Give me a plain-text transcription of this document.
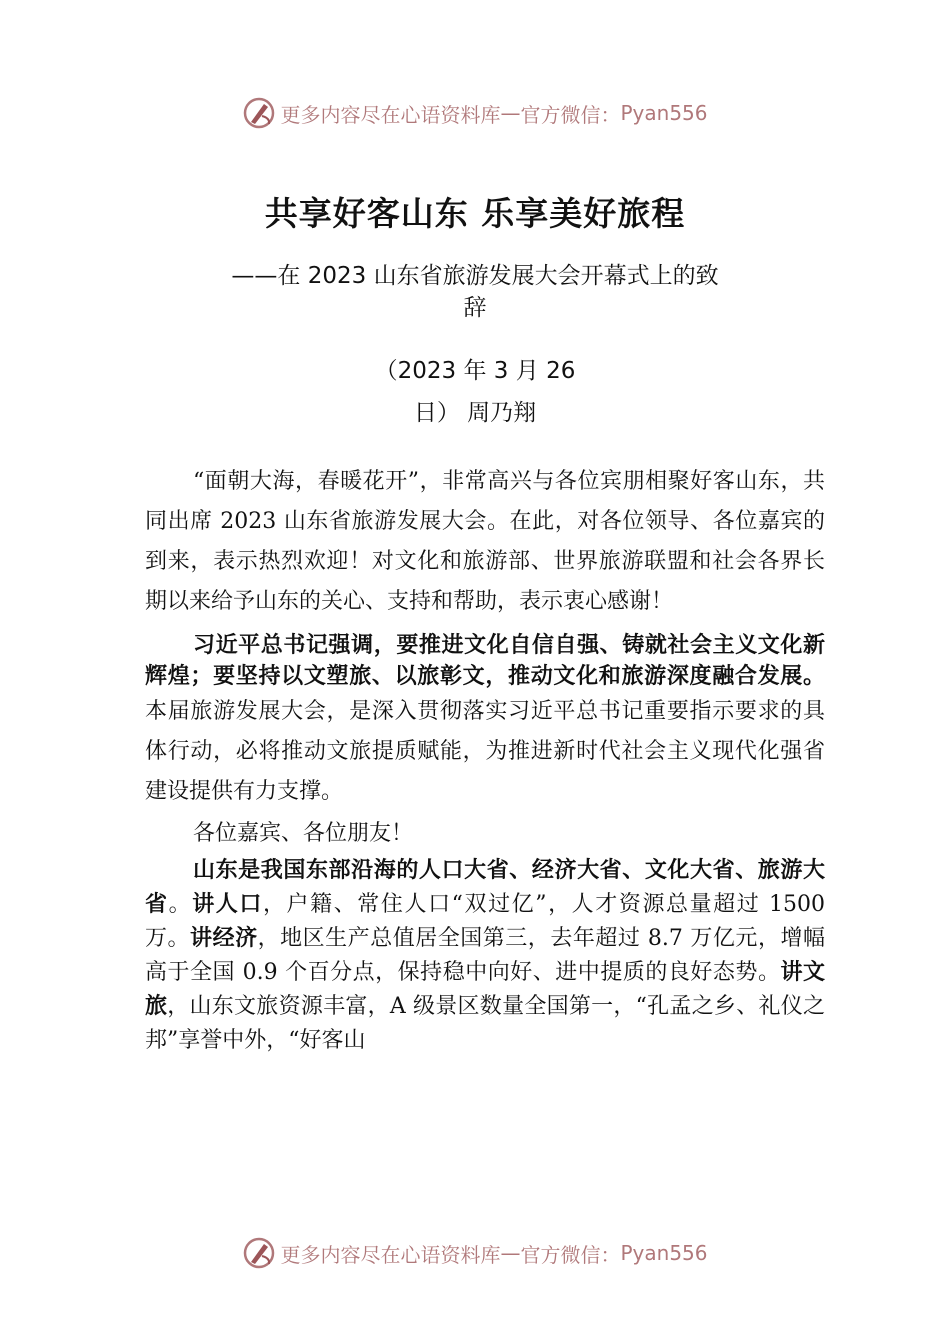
更多内容尽在心语资料库 — 官方微信： Pyan556
共享好客山东 乐享美好旅程
——在 2023 山东省旅游发展大会开幕式上的致
辞
（2023 年 3 月 26
日） 周乃翔

“面朝大海，春暖花开”，非常高兴与各位宾朋相聚好客山东，共同出席 2023 山东省旅游发展大会。在此，对各位领导、各位嘉宾的到来，表示热烈欢迎！对文化和旅游部、世界旅游联盟和社会各界长期以来给予山东的关心、支持和帮助，表示衷心感谢！

习近平总书记强调，要推进文化自信自强、铸就社会主义文化新辉煌；要坚持以文塑旅、以旅彰文，推动文化和旅游深度融合发展。本届旅游发展大会，是深入贯彻落实习近平总书记重要指示要求的具体行动，必将推动文旅提质赋能，为推进新时代社会主义现代化强省建设提供有力支撑。

各位嘉宾、各位朋友！

山东是我国东部沿海的人口大省、经济大省、文化大省、旅游大省。讲人口，户籍、常住人口“双过亿”，人才资源总量超过 1500 万。讲经济，地区生产总值居全国第三，去年超过 8.7 万亿元，增幅高于全国 0.9 个百分点，保持稳中向好、进中提质的良好态势。讲文旅，山东文旅资源丰富，A 级景区数量全国第一，“孔孟之乡、礼仪之邦”享誉中外，“好客山

更多内容尽在心语资料库 — 官方微信： Pyan556
